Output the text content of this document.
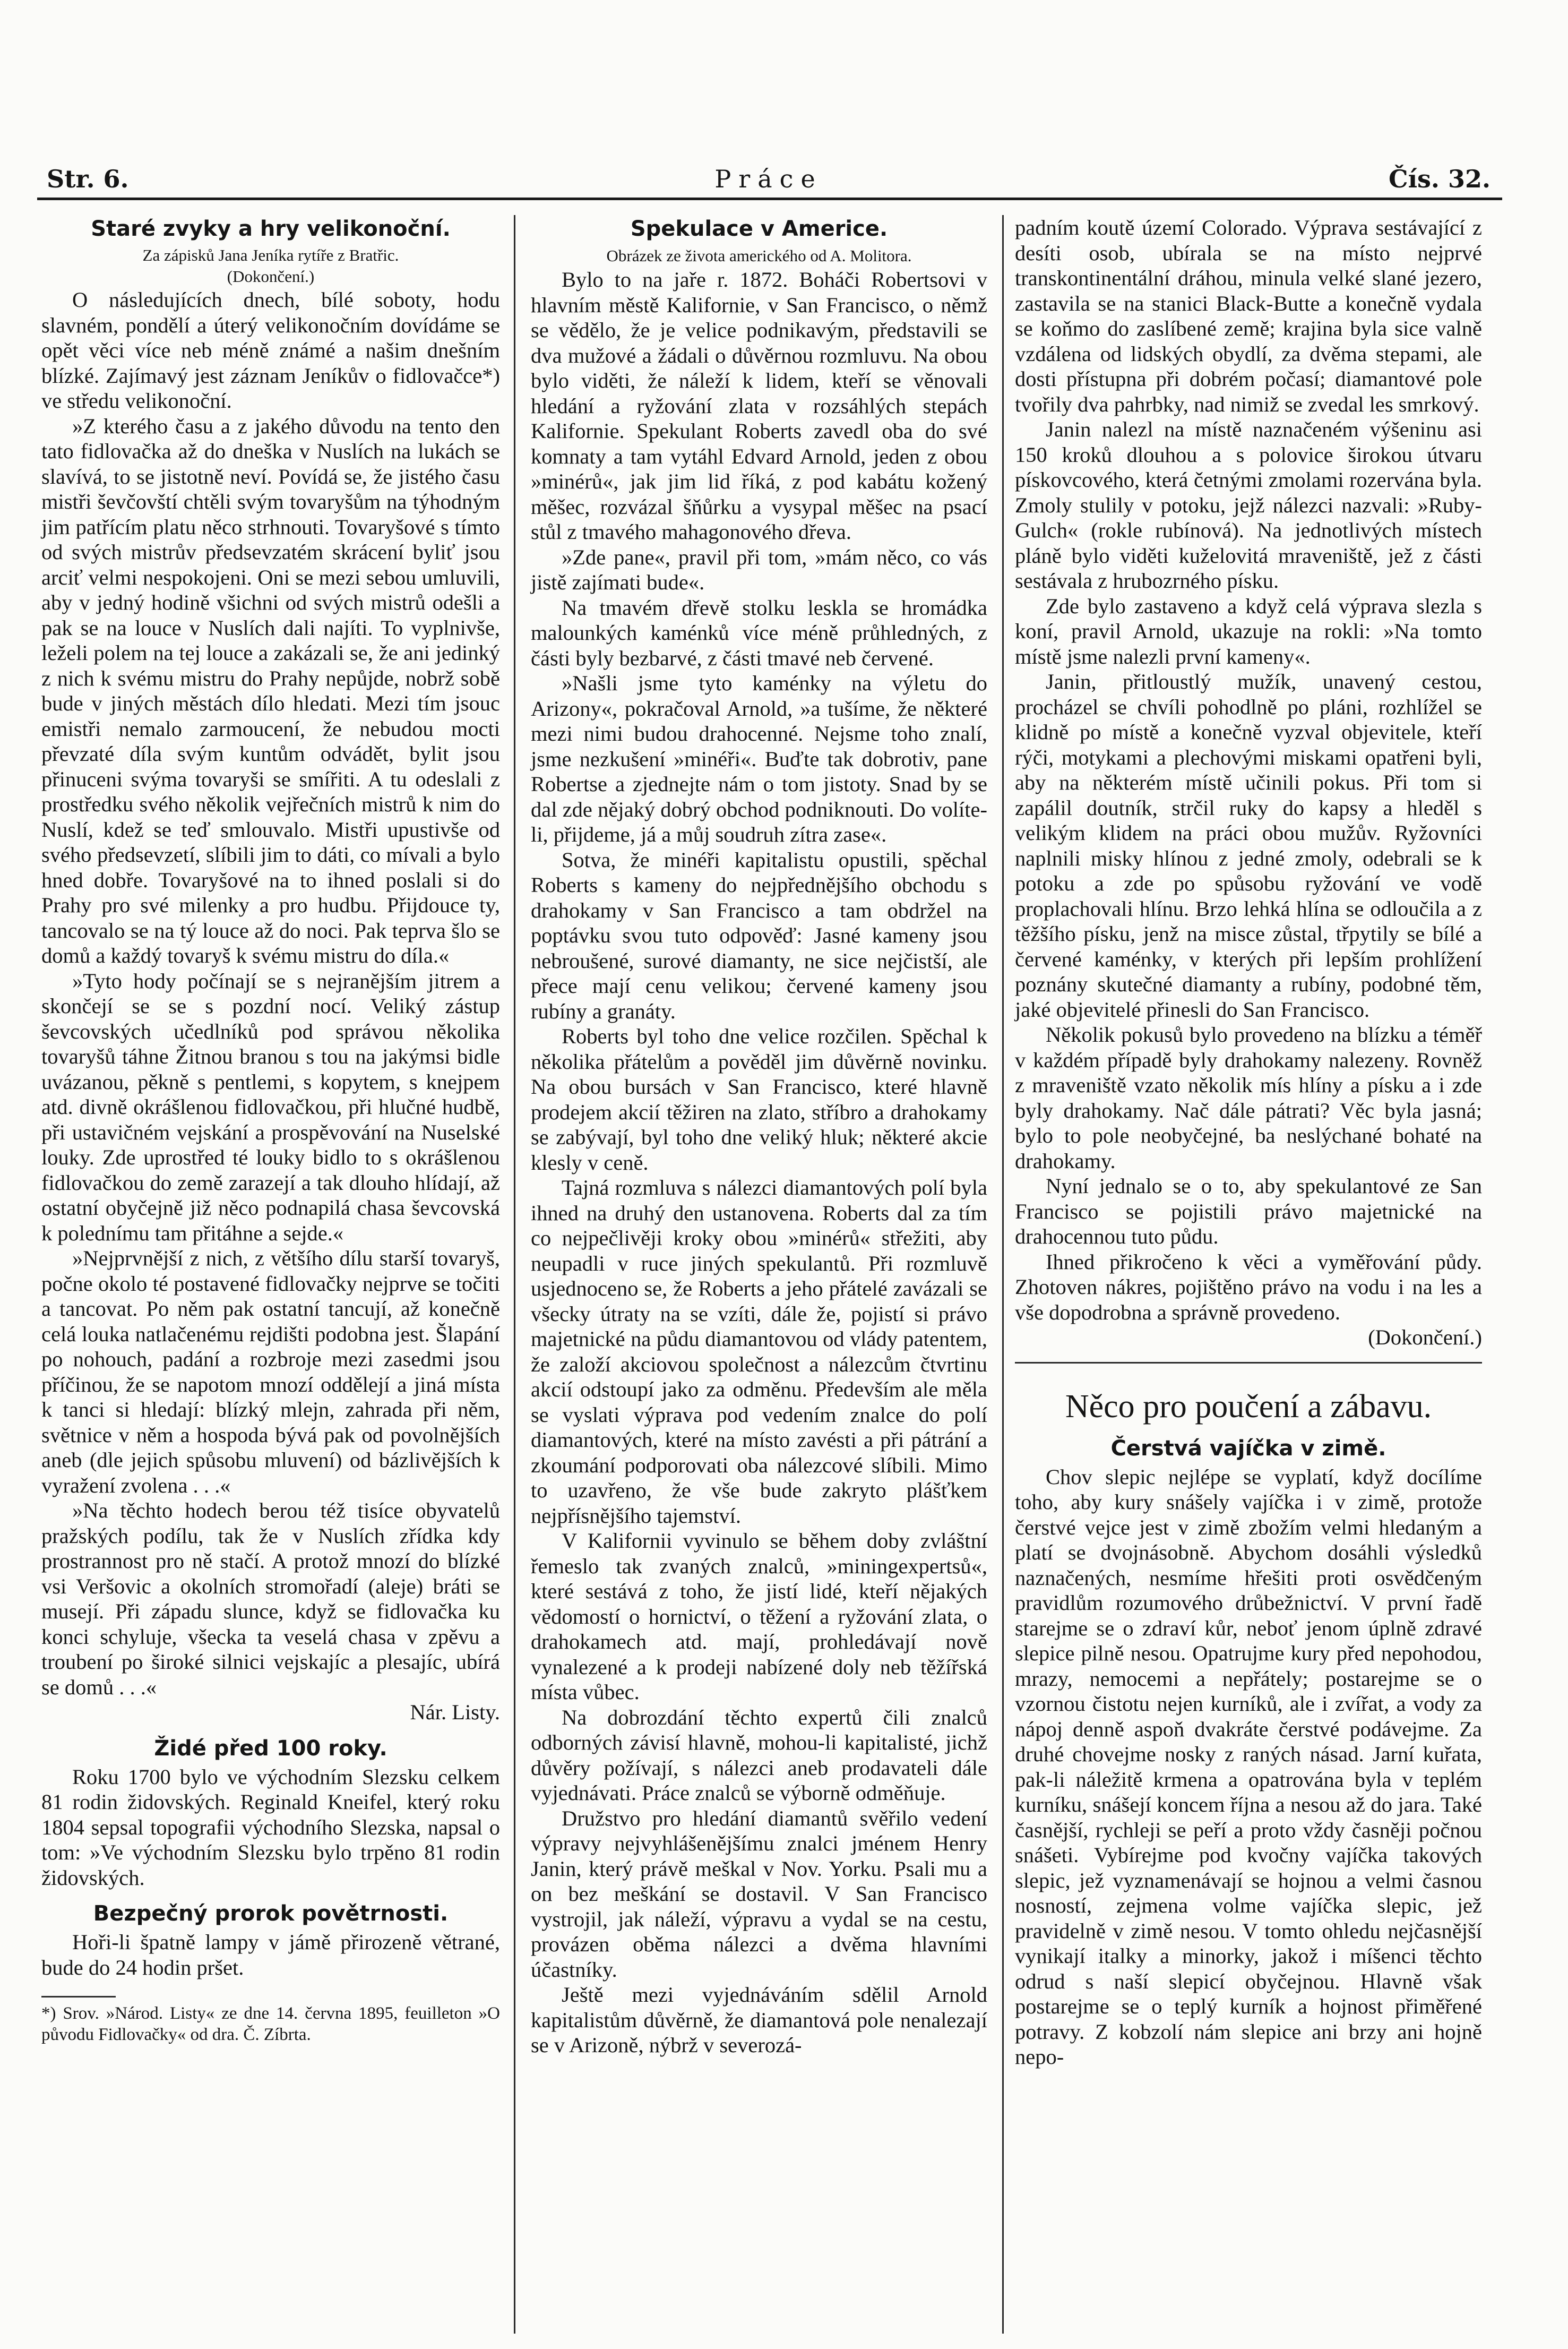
Str. 6.	Práce	Čís. 32.
Staré zvyky a hry velikonoční.

Za zápisků Jana Jeníka rytíře z Bratřic.

(Dokončení.)

O následujících dnech, bílé soboty, hodu slavném, pondělí a úterý velikonočním dovídáme se opět věci více neb méně známé a našim dnešním blízké. Zajímavý jest záznam Jeníkův o fidlovačce*) ve středu velikonoční.

»Z kterého času a z jakého důvodu na tento den tato fidlovačka až do dneška v Nuslích na lukách se slavívá, to se jistotně neví. Povídá se, že jistého času mistři ševčovští chtěli svým tovaryšům na týhodným jim patřícím platu něco strhnouti. Tovaryšové s tímto od svých mistrův předsevzatém skrácení byliť jsou arciť velmi nespokojeni. Oni se mezi sebou umluvili, aby v jedný hodině všichni od svých mistrů odešli a pak se na louce v Nuslích dali najíti. To vyplnivše, leželi polem na tej louce a zakázali se, že ani jedinký z nich k svému mistru do Prahy nepůjde, nobrž sobě bude v jiných městách dílo hledati. Mezi tím jsouc emistři nemalo zarmoucení, že nebudou mocti převzaté díla svým kuntům odvádět, bylit jsou přinuceni svýma tovaryši se smířiti. A tu odeslali z prostředku svého několik vejřečních mistrů k nim do Nuslí, kdež se teď smlouvalo. Mistři upustivše od svého předsevzetí, slíbili jim to dáti, co mívali a bylo hned dobře. Tovaryšové na to ihned poslali si do Prahy pro své milenky a pro hudbu. Přijdouce ty, tancovalo se na tý louce až do noci. Pak teprva šlo se domů a každý tovaryš k svému mistru do díla.«

»Tyto hody počínají se s nejranějším jitrem a skončejí se se s pozdní nocí. Veliký zástup ševcovských učedlníků pod správou několika tovaryšů táhne Žitnou branou s tou na jakýmsi bidle uvázanou, pěkně s pentlemi, s kopytem, s knejpem atd. divně okrášlenou fidlovačkou, při hlučné hudbě, při ustavičném vejskání a prospěvování na Nuselské louky. Zde uprostřed té louky bidlo to s okrášlenou fidlovačkou do země zarazejí a tak dlouho hlídají, až ostatní obyčejně již něco podnapilá chasa ševcovská k polednímu tam přitáhne a sejde.«

»Nejprvnější z nich, z většího dílu starší tovaryš, počne okolo té postavené fidlovačky nejprve se točiti a tancovat. Po něm pak ostatní tancují, až konečně celá louka natlačenému rejdišti podobna jest. Šlapání po nohouch, padání a rozbroje mezi zasedmi jsou příčinou, že se napotom mnozí oddělejí a jiná místa k tanci si hledají: blízký mlejn, zahrada při něm, světnice v něm a hospoda bývá pak od povolnějších aneb (dle jejich spůsobu mluvení) od bázlivějších k vyražení zvolena . . .«

»Na těchto hodech berou též tisíce obyvatelů pražských podílu, tak že v Nuslích zřídka kdy prostrannost pro ně stačí. A protož mnozí do blízké vsi Veršovic a okolních stromořadí (aleje) bráti se musejí. Při západu slunce, když se fidlovačka ku konci schyluje, všecka ta veselá chasa v zpěvu a troubení po široké silnici vejskajíc a plesajíc, ubírá se domů . . .«

Nár. Listy.

Židé před 100 roky.

Roku 1700 bylo ve východním Slezsku celkem 81 rodin židovských. Reginald Kneifel, který roku 1804 sepsal topografii východního Slezska, napsal o tom: »Ve východním Slezsku bylo trpěno 81 rodin židovských.

Bezpečný prorok povětrnosti.

Hoři-li špatně lampy v jámě přirozeně větrané, bude do 24 hodin pršet.

*) Srov. »Národ. Listy« ze dne 14. června 1895, feuilleton »O původu Fidlovačky« od dra. Č. Zíbrta.

Spekulace v Americe.

Obrázek ze života amerického od A. Molitora.

Bylo to na jaře r. 1872. Boháči Robertsovi v hlavním městě Kalifornie, v San Francisco, o němž se vědělo, že je velice podnikavým, představili se dva mužové a žádali o důvěrnou rozmluvu. Na obou bylo viděti, že náleží k lidem, kteří se věnovali hledání a ryžování zlata v rozsáhlých stepách Kalifornie. Spekulant Roberts zavedl oba do své komnaty a tam vytáhl Edvard Arnold, jeden z obou »minérů«, jak jim lid říká, z pod kabátu kožený měšec, rozvázal šňůrku a vysypal měšec na psací stůl z tmavého mahagonového dřeva.

»Zde pane«, pravil při tom, »mám něco, co vás jistě zajímati bude«.

Na tmavém dřevě stolku leskla se hromádka malounkých kaménků více méně průhledných, z části byly bezbarvé, z části tmavé neb červené.

»Našli jsme tyto kaménky na výletu do Arizony«, pokračoval Arnold, »a tušíme, že některé mezi nimi budou drahocenné. Nejsme toho znalí, jsme nezkušení »minéři«. Buďte tak dobrotiv, pane Robertse a zjednejte nám o tom jistoty. Snad by se dal zde nějaký dobrý obchod podniknouti. Do volíte-li, přijdeme, já a můj soudruh zítra zase«.

Sotva, že minéři kapitalistu opustili, spěchal Roberts s kameny do nejpřednějšího obchodu s drahokamy v San Francisco a tam obdržel na poptávku svou tuto odpověď: Jasné kameny jsou nebroušené, surové diamanty, ne sice nejčistší, ale přece mají cenu velikou; červené kameny jsou rubíny a granáty.

Roberts byl toho dne velice rozčilen. Spěchal k několika přátelům a pověděl jim důvěrně novinku. Na obou bursách v San Francisco, které hlavně prodejem akcií těžiren na zlato, stříbro a drahokamy se zabývají, byl toho dne veliký hluk; některé akcie klesly v ceně.

Tajná rozmluva s nálezci diamantových polí byla ihned na druhý den ustanovena. Roberts dal za tím co nejpečlivěji kroky obou »minérů« střežiti, aby neupadli v ruce jiných spekulantů. Při rozmluvě usjednoceno se, že Roberts a jeho přátelé zavázali se všecky útraty na se vzíti, dále že, pojistí si právo majetnické na půdu diamantovou od vlády patentem, že založí akciovou společnost a nálezcům čtvrtinu akcií odstoupí jako za odměnu. Především ale měla se vyslati výprava pod vedením znalce do polí diamantových, které na místo zavésti a při pátrání a zkoumání podporovati oba nálezcové slíbili. Mimo to uzavřeno, že vše bude zakryto plášťkem nejpřísnějšího tajemství.

V Kalifornii vyvinulo se během doby zvláštní řemeslo tak zvaných znalců, »miningexpertsů«, které sestává z toho, že jistí lidé, kteří nějakých vědomostí o hornictví, o těžení a ryžování zlata, o drahokamech atd. mají, prohledávají nově vynalezené a k prodeji nabízené doly neb těžířská místa vůbec.

Na dobrozdání těchto expertů čili znalců odborných závisí hlavně, mohou-li kapitalisté, jichž důvěry požívají, s nálezci aneb prodavateli dále vyjednávati. Práce znalců se výborně odměňuje.

Družstvo pro hledání diamantů svěřilo vedení výpravy nejvyhlášenějšímu znalci jménem Henry Janin, který právě meškal v Nov. Yorku. Psali mu a on bez meškání se dostavil. V San Francisco vystrojil, jak náleží, výpravu a vydal se na cestu, provázen oběma nálezci a dvěma hlavními účastníky.

Ještě mezi vyjednáváním sdělil Arnold kapitalistům důvěrně, že diamantová pole nenalezají se v Arizoně, nýbrž v severozá-

padním koutě území Colorado. Výprava sestávající z desíti osob, ubírala se na místo nejprvé transkontinentální dráhou, minula velké slané jezero, zastavila se na stanici Black-Butte a konečně vydala se koňmo do zaslíbené země; krajina byla sice valně vzdálena od lidských obydlí, za dvěma stepami, ale dosti přístupna při dobrém počasí; diamantové pole tvořily dva pahrbky, nad nimiž se zvedal les smrkový.

Janin nalezl na místě naznačeném výšeninu asi 150 kroků dlouhou a s polovice širokou útvaru pískovcového, která četnými zmolami rozervána byla. Zmoly stulily v potoku, jejž nálezci nazvali: »Ruby-Gulch« (rokle rubínová). Na jednotlivých místech pláně bylo viděti kuželovitá mraveniště, jež z části sestávala z hrubozrného písku.

Zde bylo zastaveno a když celá výprava slezla s koní, pravil Arnold, ukazuje na rokli: »Na tomto místě jsme nalezli první kameny«.

Janin, přitloustlý mužík, unavený cestou, procházel se chvíli pohodlně po pláni, rozhlížel se klidně po místě a konečně vyzval objevitele, kteří rýči, motykami a plechovými miskami opatřeni byli, aby na některém místě učinili pokus. Při tom si zapálil doutník, strčil ruky do kapsy a hleděl s velikým klidem na práci obou mužův. Ryžovníci naplnili misky hlínou z jedné zmoly, odebrali se k potoku a zde po spůsobu ryžování ve vodě proplachovali hlínu. Brzo lehká hlína se odloučila a z těžšího písku, jenž na misce zůstal, třpytily se bílé a červené kaménky, v kterých při lepším prohlížení poznány skutečné diamanty a rubíny, podobné těm, jaké objevitelé přinesli do San Francisco.

Několik pokusů bylo provedeno na blízku a téměř v každém případě byly drahokamy nalezeny. Rovněž z mraveniště vzato několik mís hlíny a písku a i zde byly drahokamy. Nač dále pátrati? Věc byla jasná; bylo to pole neobyčejné, ba neslýchané bohaté na drahokamy.

Nyní jednalo se o to, aby spekulantové ze San Francisco se pojistili právo majetnické na drahocennou tuto půdu.

Ihned přikročeno k věci a vyměřování půdy. Zhotoven nákres, pojištěno právo na vodu i na les a vše dopodrobna a správně provedeno.

(Dokončení.)

Něco pro poučení a zábavu.
Čerstvá vajíčka v zimě.

Chov slepic nejlépe se vyplatí, když docílíme toho, aby kury snášely vajíčka i v zimě, protože čerstvé vejce jest v zimě zbožím velmi hledaným a platí se dvojnásobně. Abychom dosáhli výsledků naznačených, nesmíme hřešiti proti osvědčeným pravidlům rozumového drůbežnictví. V první řadě starejme se o zdraví kůr, neboť jenom úplně zdravé slepice pilně nesou. Opatrujme kury před nepohodou, mrazy, nemocemi a nepřátely; postarejme se o vzornou čistotu nejen kurníků, ale i zvířat, a vody za nápoj denně aspoň dvakráte čerstvé podávejme. Za druhé chovejme nosky z raných násad. Jarní kuřata, pak-li náležitě krmena a opatrována byla v teplém kurníku, snášejí koncem října a nesou až do jara. Také časnější, rychleji se peří a proto vždy časněji počnou snášeti. Vybírejme pod kvočny vajíčka takových slepic, jež vyznamenávají se hojnou a velmi časnou nosností, zejmena volme vajíčka slepic, jež pravidelně v zimě nesou. V tomto ohledu nejčasnější vynikají italky a minorky, jakož i míšenci těchto odrud s naší slepicí obyčejnou. Hlavně však postarejme se o teplý kurník a hojnost přiměřené potravy. Z kobzolí nám slepice ani brzy ani hojně nepo-
